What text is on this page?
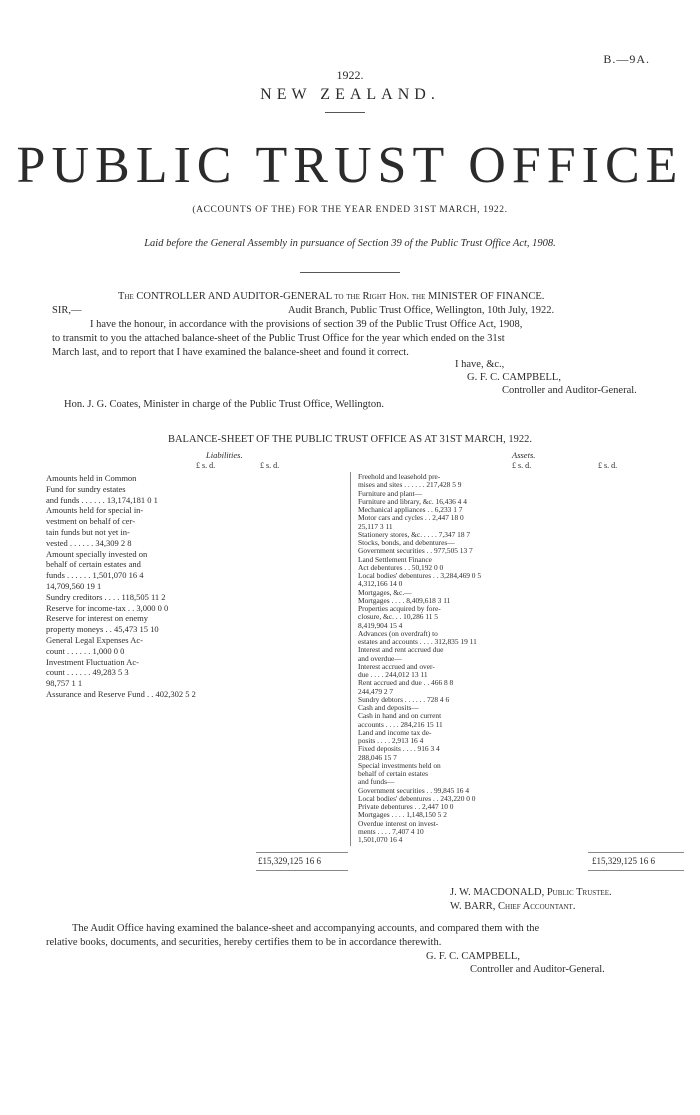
B.—9A.
1922.
NEW ZEALAND.
PUBLIC TRUST OFFICE
(ACCOUNTS OF THE) FOR THE YEAR ENDED 31ST MARCH, 1922.
Laid before the General Assembly in pursuance of Section 39 of the Public Trust Office Act, 1908.
The CONTROLLER AND AUDITOR-GENERAL to the Right Hon. the MINISTER OF FINANCE.
SIR,—	Audit Branch, Public Trust Office, Wellington, 10th July, 1922.
I have the honour, in accordance with the provisions of section 39 of the Public Trust Office Act, 1908,
to transmit to you the attached balance-sheet of the Public Trust Office for the year which ended on the 31st
March last, and to report that I have examined the balance-sheet and found it correct.
I have, &c.,
G. F. C. CAMPBELL,
Controller and Auditor-General.
Hon. J. G. Coates, Minister in charge of the Public Trust Office, Wellington.
BALANCE-SHEET OF THE PUBLIC TRUST OFFICE AS AT 31ST MARCH, 1922.
Liabilities.	Assets.
£ s. d.	£ s. d.	£ s. d.	£ s. d.
Amounts held in Common
Fund for sundry estates
and funds . . . . . . 13,174,181 0 1
Amounts held for special in-
vestment on behalf of cer-
tain funds but not yet in-
vested . . . . . . 34,309 2 8
Amount specially invested on
behalf of certain estates and
funds . . . . . . 1,501,070 16 4
14,709,560 19 1
Sundry creditors . . . . 118,505 11 2
Reserve for income-tax . . 3,000 0 0
Reserve for interest on enemy
property moneys . . 45,473 15 10
General Legal Expenses Ac-
count . . . . . . 1,000 0 0
Investment Fluctuation Ac-
count . . . . . . 49,283 5 3
98,757 1 1
Assurance and Reserve Fund . . 402,302 5 2
Freehold and leasehold pre-
mises and sites . . . . . . 217,428 5 9
Furniture and plant—
Furniture and library, &c. 16,436 4 4
Mechanical appliances . . 6,233 1 7
Motor cars and cycles . . 2,447 18 0
25,117 3 11
Stationery stores, &c. . . . . 7,347 18 7
Stocks, bonds, and debentures—
Government securities . . 977,505 13 7
Land Settlement Finance
Act debentures . . 50,192 0 0
Local bodies' debentures . . 3,284,469 0 5
4,312,166 14 0
Mortgages, &c.—
Mortgages . . . . 8,409,618 3 11
Properties acquired by fore-
closure, &c. . . 10,286 11 5
8,419,904 15 4
Advances (on overdraft) to
estates and accounts . . . . 312,835 19 11
Interest and rent accrued due
and overdue—
Interest accrued and over-
due . . . . 244,012 13 11
Rent accrued and due . . 466 8 8
244,479 2 7
Sundry debtors . . . . . . 728 4 6
Cash and deposits—
Cash in hand and on current
accounts . . . . 284,216 15 11
Land and income tax de-
posits . . . . 2,913 16 4
Fixed deposits . . . . 916 3 4
288,046 15 7
Special investments held on
behalf of certain estates
and funds—
Government securities . . 99,845 16 4
Local bodies' debentures . . 243,220 0 0
Private debentures . . 2,447 10 0
Mortgages . . . . 1,148,150 5 2
Overdue interest on invest-
ments . . . . 7,407 4 10
1,501,070 16 4
£15,329,125 16 6	£15,329,125 16 6
J. W. MACDONALD, Public Trustee.
W. BARR, Chief Accountant.
The Audit Office having examined the balance-sheet and accompanying accounts, and compared them with the
relative books, documents, and securities, hereby certifies them to be in accordance therewith.
G. F. C. CAMPBELL,
Controller and Auditor-General.
